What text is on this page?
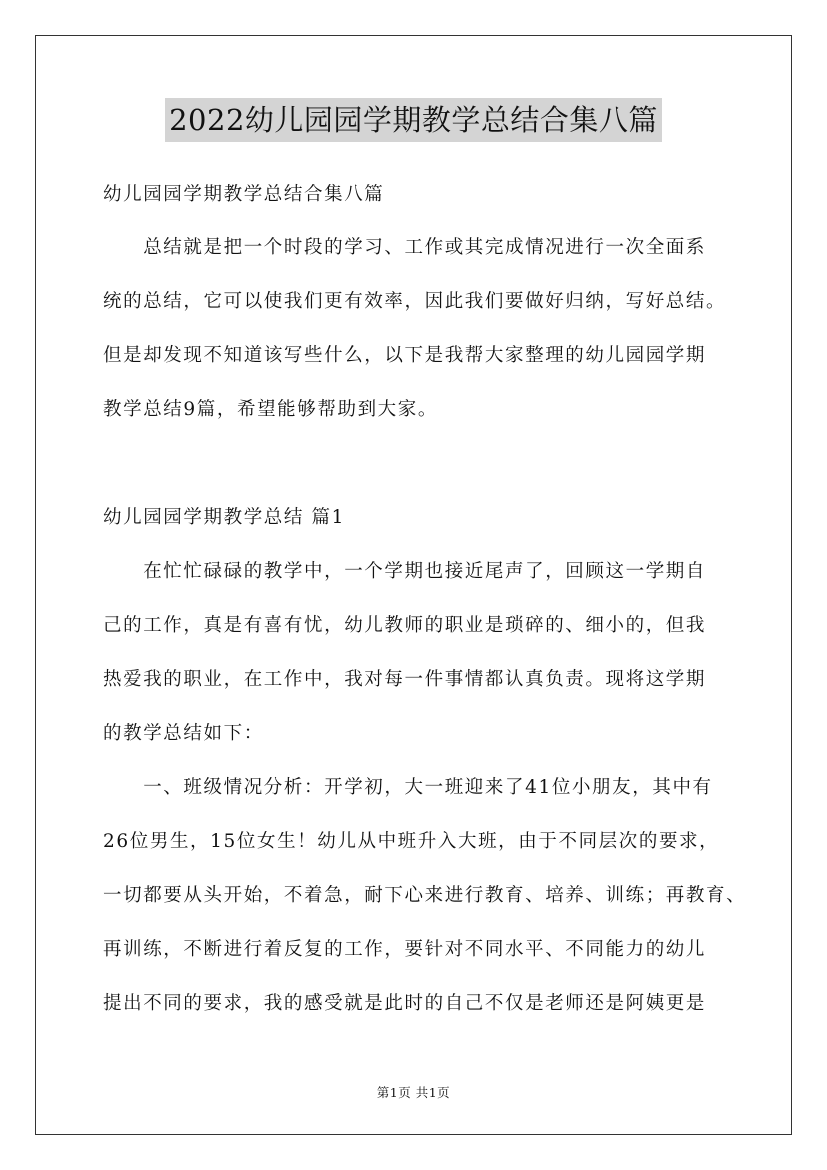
2022幼儿园园学期教学总结合集八篇
幼儿园园学期教学总结合集八篇
　　总结就是把一个时段的学习、工作或其完成情况进行一次全面系
统的总结，它可以使我们更有效率，因此我们要做好归纳，写好总结。
但是却发现不知道该写些什么，以下是我帮大家整理的幼儿园园学期
教学总结9篇，希望能够帮助到大家。
幼儿园园学期教学总结 篇1
　　在忙忙碌碌的教学中，一个学期也接近尾声了，回顾这一学期自
己的工作，真是有喜有忧，幼儿教师的职业是琐碎的、细小的，但我
热爱我的职业，在工作中，我对每一件事情都认真负责。现将这学期
的教学总结如下：
　　一、班级情况分析：开学初，大一班迎来了41位小朋友，其中有
26位男生，15位女生！幼儿从中班升入大班，由于不同层次的要求，
一切都要从头开始，不着急，耐下心来进行教育、培养、训练；再教育、
再训练，不断进行着反复的工作，要针对不同水平、不同能力的幼儿
提出不同的要求，我的感受就是此时的自己不仅是老师还是阿姨更是
第1页 共1页
